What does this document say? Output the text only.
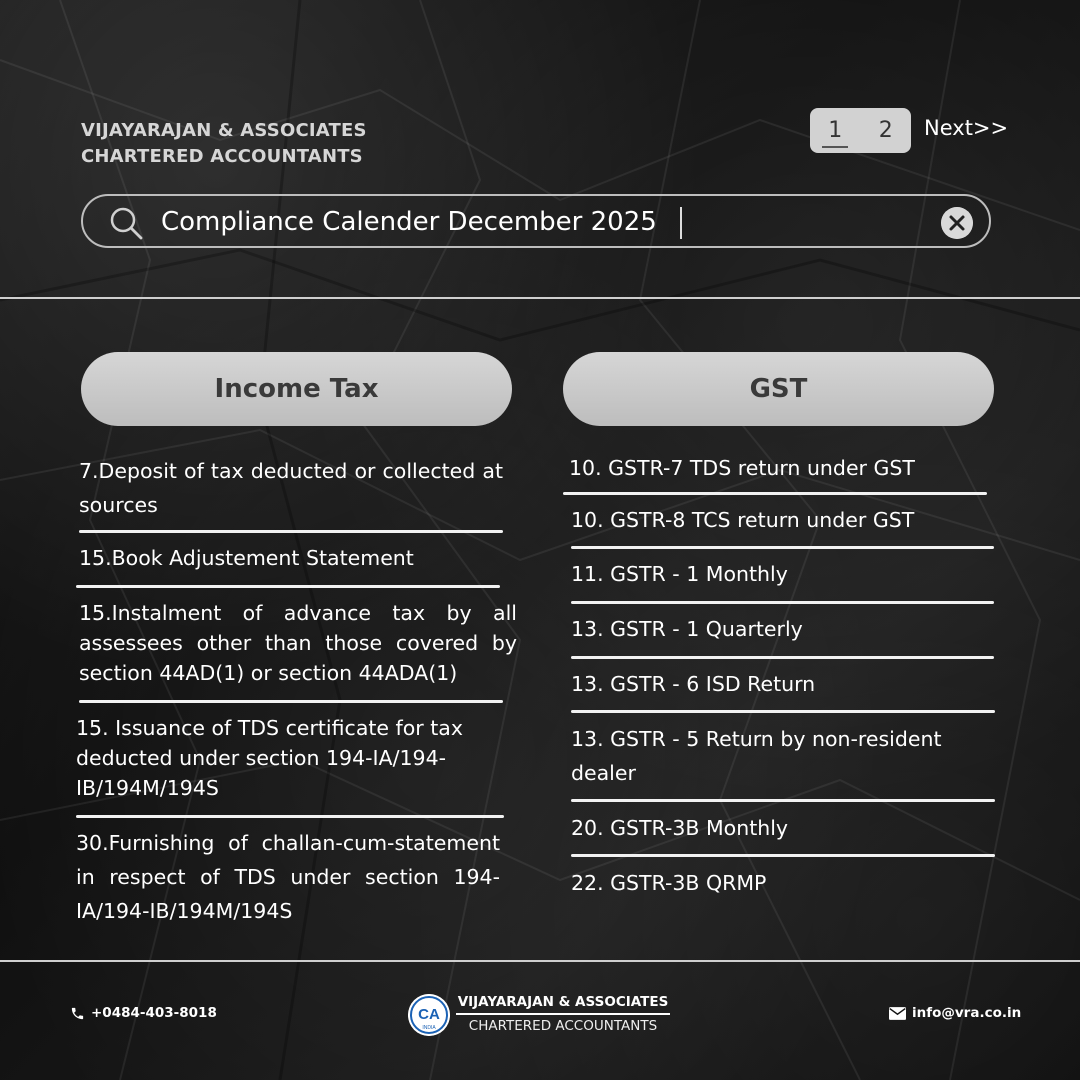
VIJAYARAJAN & ASSOCIATES
CHARTERED ACCOUNTANTS
1 2 Next>>
Compliance Calender December 2025
Income Tax	GST
7.Deposit of tax deducted or collected at sources
15.Book Adjustement Statement
15.Instalment of advance tax by all assessees other than those covered by section 44AD(1) or section 44ADA(1)
15. Issuance of TDS certificate for tax deducted under section 194-IA/194-IB/194M/194S
30.Furnishing of challan-cum-statement in respect of TDS under section 194-IA/194-IB/194M/194S
10. GSTR-7 TDS return under GST
10. GSTR-8 TCS return under GST
11. GSTR - 1 Monthly
13. GSTR - 1 Quarterly
13. GSTR - 6 ISD Return
13. GSTR - 5 Return by non-resident dealer
20. GSTR-3B Monthly
22. GSTR-3B QRMP
+0484-403-8018	CA
INDIA
VIJAYARAJAN & ASSOCIATES
CHARTERED ACCOUNTANTS
info@vra.co.in
